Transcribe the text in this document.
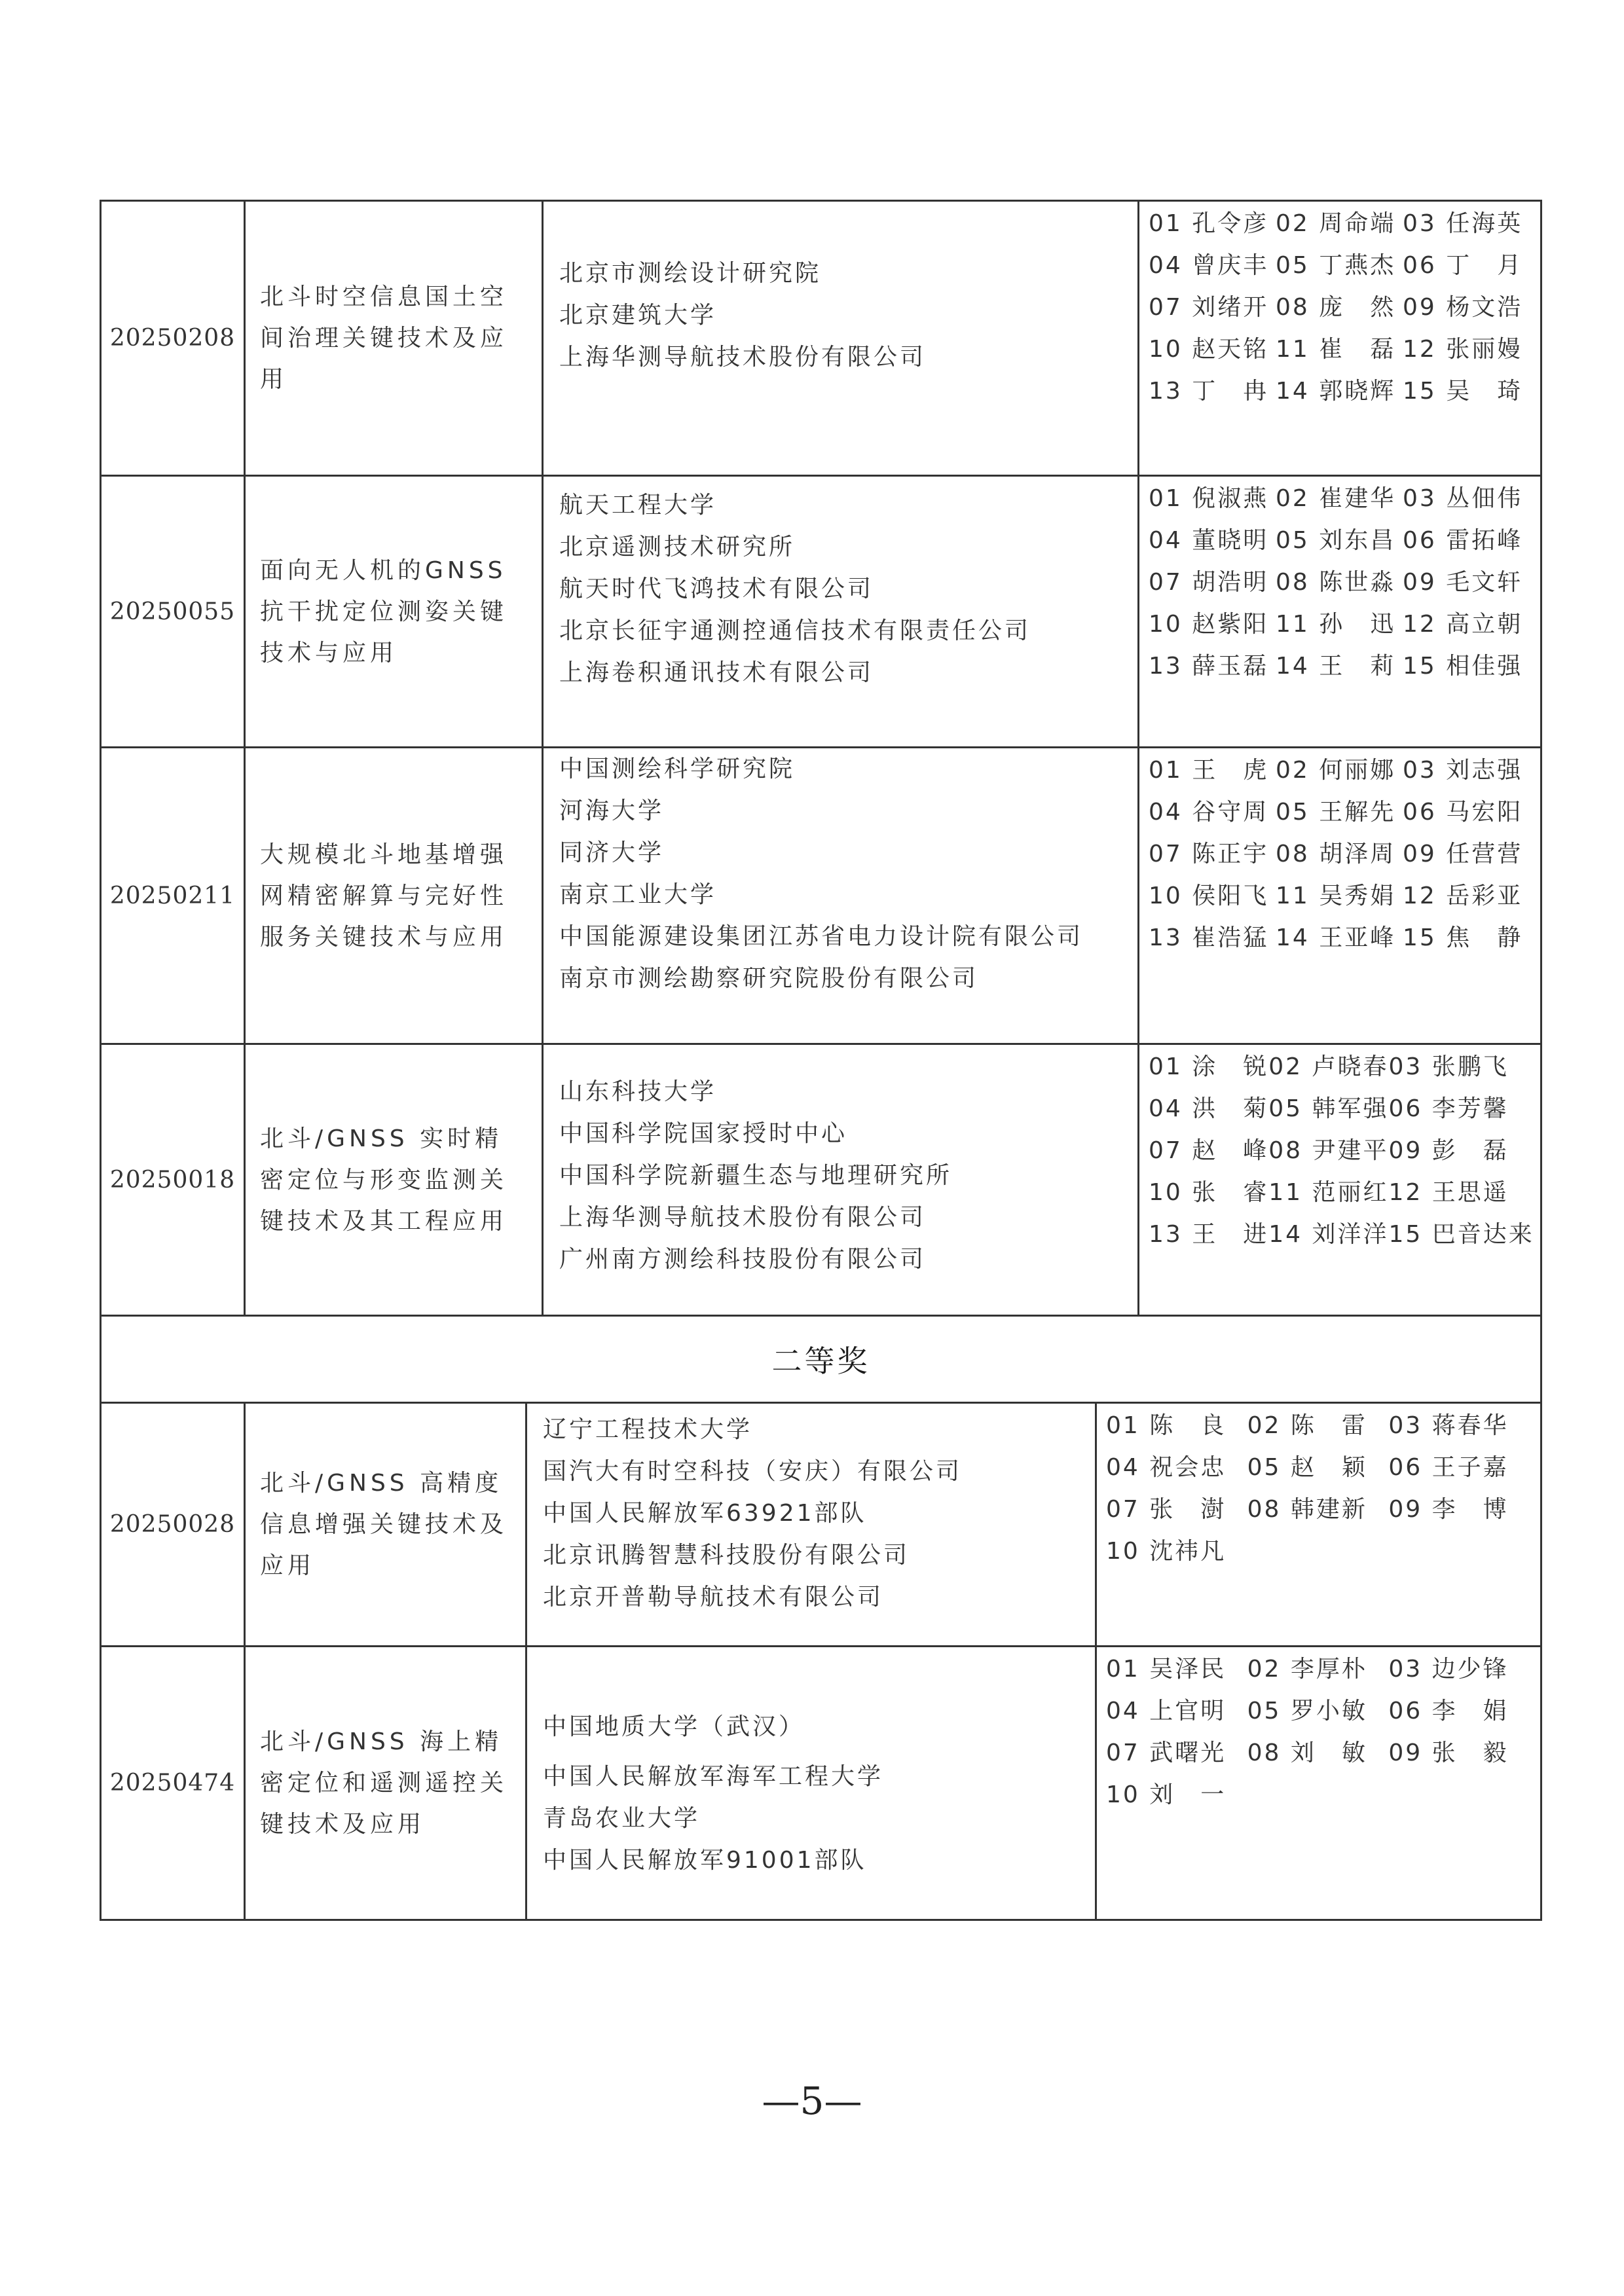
20250208
北斗时空信息国土空间治理关键技术及应用
北京市测绘设计研究院
北京建筑大学
上海华测导航技术股份有限公司
01 孔令彦 02 周命端 03 任海英
04 曾庆丰 05 丁燕杰 06 丁　月
07 刘绪开 08 庞　然 09 杨文浩
10 赵天铭 11 崔　磊 12 张丽嫚
13 丁　冉 14 郭晓辉 15 吴　琦
20250055
面向无人机的GNSS抗干扰定位测姿关键技术与应用
航天工程大学
北京遥测技术研究所
航天时代飞鸿技术有限公司
北京长征宇通测控通信技术有限责任公司
上海卷积通讯技术有限公司
01 倪淑燕 02 崔建华 03 丛佃伟
04 董晓明 05 刘东昌 06 雷拓峰
07 胡浩明 08 陈世淼 09 毛文轩
10 赵紫阳 11 孙　迅 12 高立朝
13 薛玉磊 14 王　莉 15 相佳强
20250211
大规模北斗地基增强网精密解算与完好性服务关键技术与应用
中国测绘科学研究院
河海大学
同济大学
南京工业大学
中国能源建设集团江苏省电力设计院有限公司
南京市测绘勘察研究院股份有限公司
01 王　虎 02 何丽娜 03 刘志强
04 谷守周 05 王解先 06 马宏阳
07 陈正宇 08 胡泽周 09 任营营
10 侯阳飞 11 吴秀娟 12 岳彩亚
13 崔浩猛 14 王亚峰 15 焦　静
20250018
北斗/GNSS 实时精密定位与形变监测关键技术及其工程应用
山东科技大学
中国科学院国家授时中心
中国科学院新疆生态与地理研究所
上海华测导航技术股份有限公司
广州南方测绘科技股份有限公司
01 涂　锐 02 卢晓春 03 张鹏飞
04 洪　菊 05 韩军强 06 李芳馨
07 赵　峰 08 尹建平 09 彭　磊
10 张　睿 11 范丽红 12 王思遥
13 王　进 14 刘洋洋 15 巴音达来
二等奖
20250028
北斗/GNSS 高精度信息增强关键技术及应用
辽宁工程技术大学
国汽大有时空科技（安庆）有限公司
中国人民解放军63921部队
北京讯腾智慧科技股份有限公司
北京开普勒导航技术有限公司
01 陈　良 02 陈　雷 03 蒋春华
04 祝会忠 05 赵　颖 06 王子嘉
07 张　澍 08 韩建新 09 李　博
10 沈祎凡
20250474
北斗/GNSS 海上精密定位和遥测遥控关键技术及应用
中国地质大学（武汉）
中国人民解放军海军工程大学
青岛农业大学
中国人民解放军91001部队
01 吴泽民 02 李厚朴 03 边少锋
04 上官明 05 罗小敏 06 李　娟
07 武曙光 08 刘　敏 09 张　毅
10 刘　一
—5—
